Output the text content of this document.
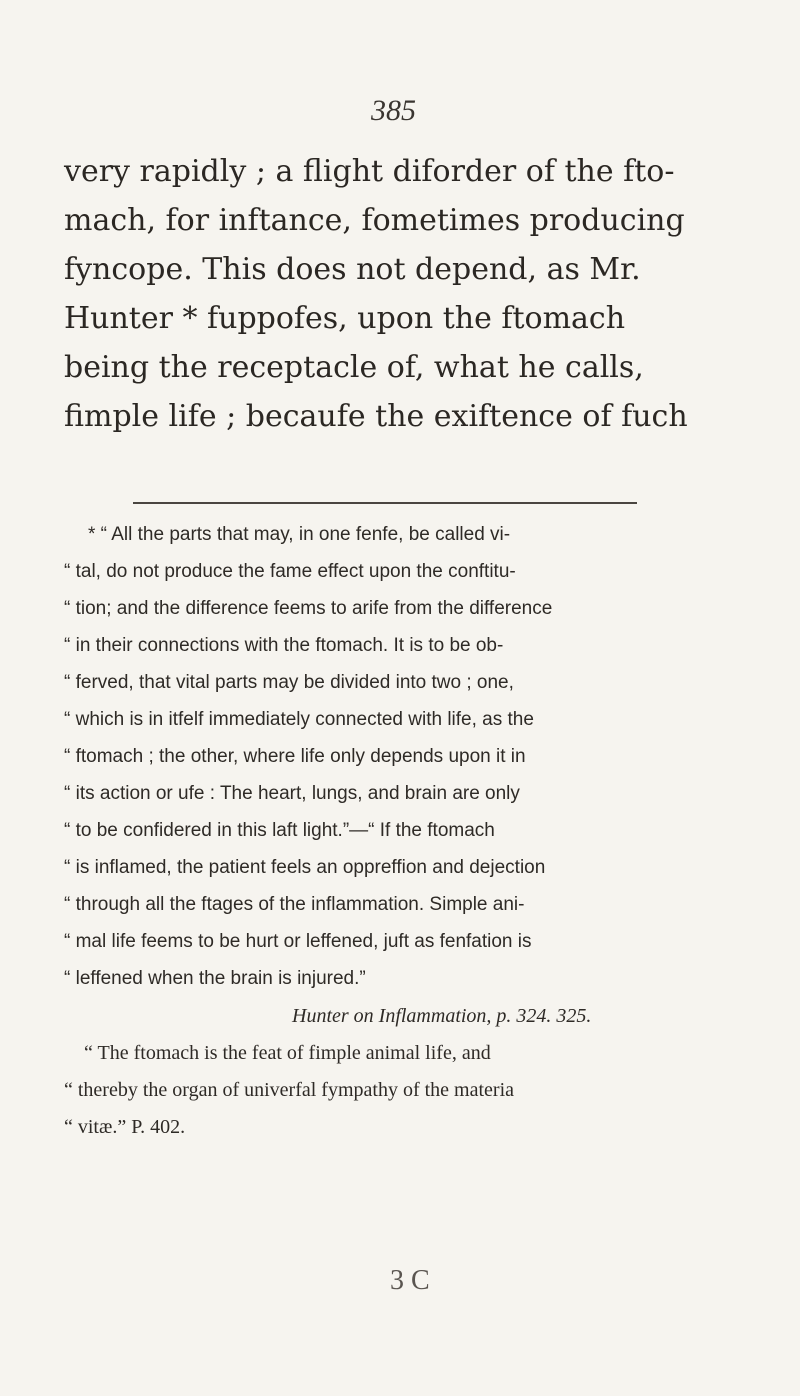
385
very rapidly ; a flight diforder of the fto-
mach, for inftance, fometimes producing
fyncope. This does not depend, as Mr.
Hunter * fuppofes, upon the ftomach
being the receptacle of, what he calls,
fimple life ; becaufe the exiftence of fuch
* “ All the parts that may, in one fenfe, be called vi-
“ tal, do not produce the fame effect upon the conftitu-
“ tion; and the difference feems to arife from the difference
“ in their connections with the ftomach. It is to be ob-
“ ferved, that vital parts may be divided into two ; one,
“ which is in itfelf immediately connected with life, as the
“ ftomach ; the other, where life only depends upon it in
“ its action or ufe : The heart, lungs, and brain are only
“ to be confidered in this laft light.”—“ If the ftomach
“ is inflamed, the patient feels an oppreffion and dejection
“ through all the ftages of the inflammation. Simple ani-
“ mal life feems to be hurt or leffened, juft as fenfation is
“ leffened when the brain is injured.”
Hunter on Inflammation, p. 324. 325.
“ The ftomach is the feat of fimple animal life, and
“ thereby the organ of univerfal fympathy of the materia
“ vitæ.” P. 402.
3 C
